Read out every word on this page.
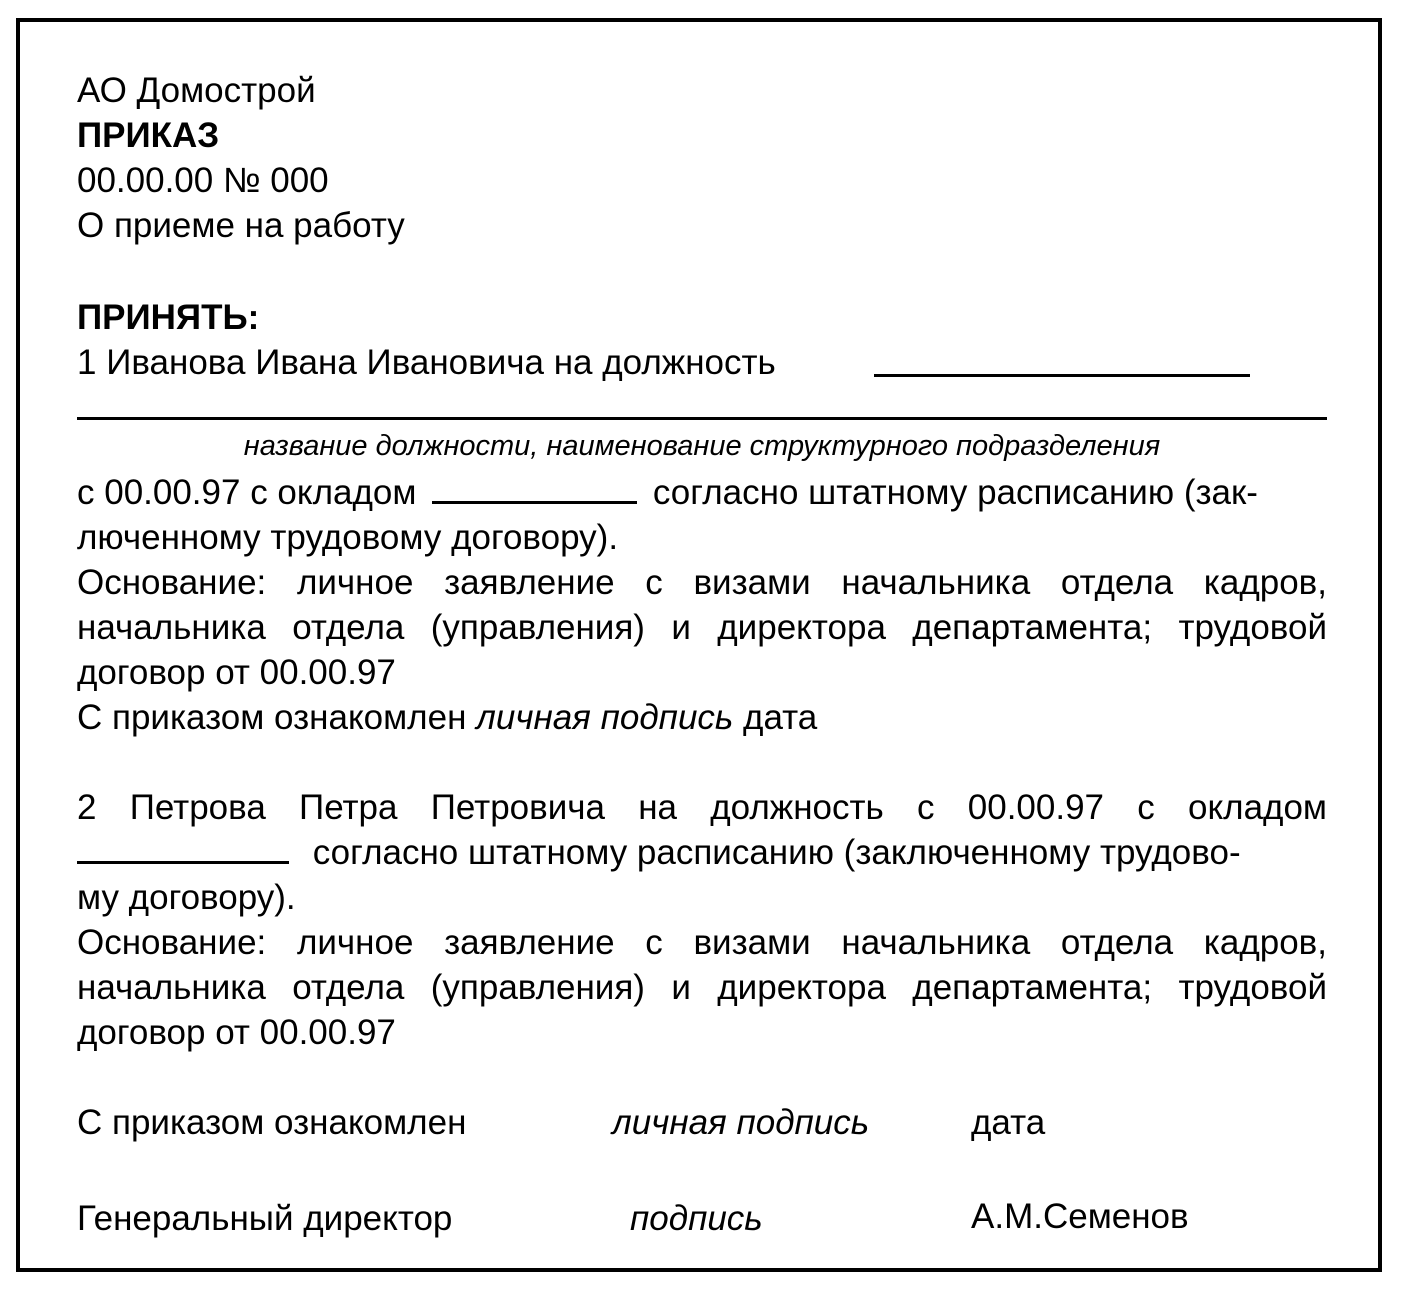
АО Домострой
ПРИКАЗ
00.00.00 № 000
О приеме на работу
ПРИНЯТЬ:
1 Иванова Ивана Ивановича на должность
название должности, наименование структурного подразделения
с 00.00.97 с окладом	согласно штатному расписанию (зак-
люченному трудовому договору).
Основание: личное заявление с визами начальника отдела кадров,
начальника отдела (управления) и директора департамента; трудовой
договор от 00.00.97
С приказом ознакомлен личная подпись дата
2 Петрова Петра Петровича на должность с 00.00.97 с окладом
согласно штатному расписанию (заключенному трудово-
му договору).
Основание: личное заявление с визами начальника отдела кадров,
начальника отдела (управления) и директора департамента; трудовой
договор от 00.00.97
С приказом ознакомлен	личная подпись	дата
Генеральный директор	подпись	А.М.Семенов
